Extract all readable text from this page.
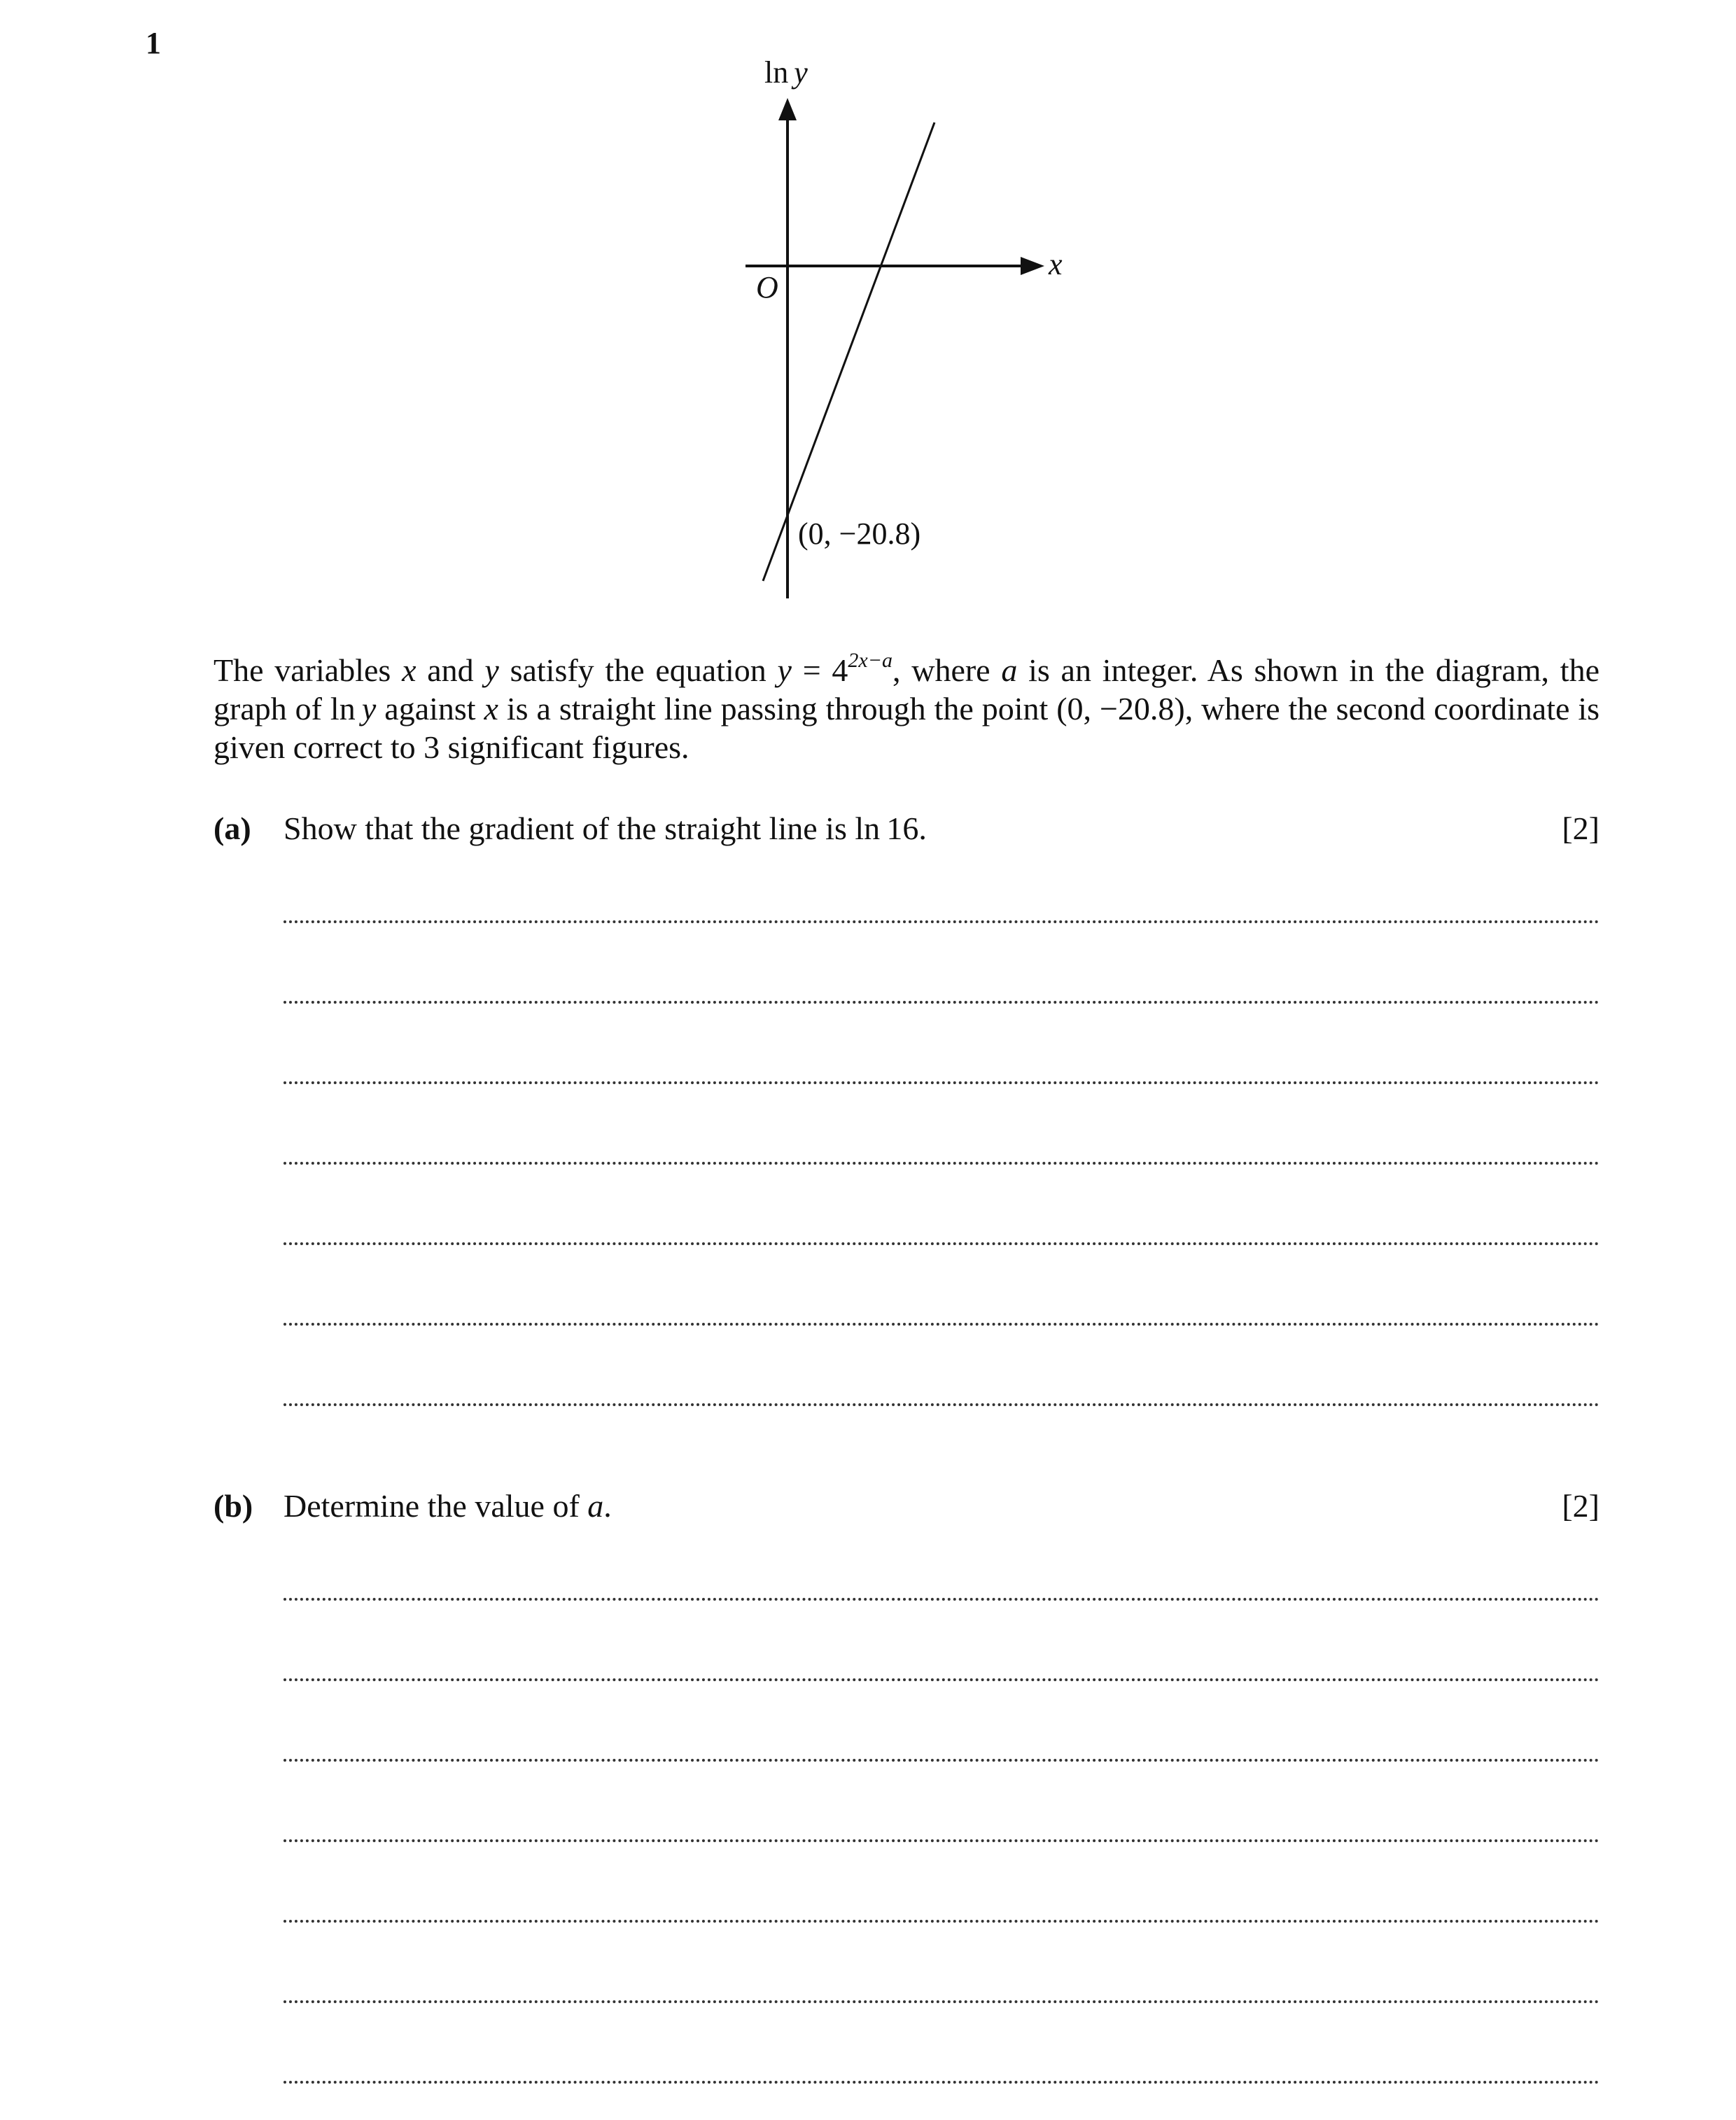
1
ln y
x
O
(0, −20.8)
The variables x and y satisfy the equation $y = 4^{2x-a}$, where a is an integer. As shown in the diagram, the graph of ln y against x is a straight line passing through the point (0, −20.8), where the second coordinate is given correct to 3 significant figures.
(a) Show that the gradient of the straight line is ln 16.	[2]
(b) Determine the value of a.	[2]
